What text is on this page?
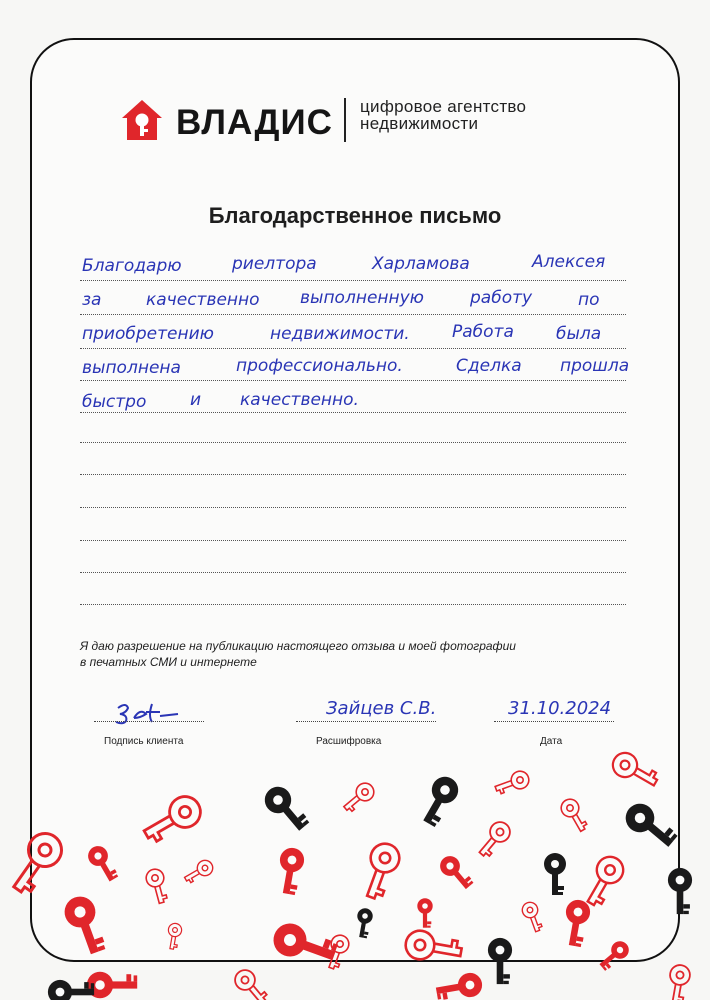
ВЛАДИС цифровое агентство
недвижимости
Благодарственное письмо
Благодарю	риелтора	Харламова	Алексея
за	качественно выполненную	работу	по
приобретению	недвижимости. Работа была
выполнена	профессионально.	Сделка прошла
быстро	и качественно.
Я даю разрешение на публикацию настоящего отзыва и моей фотографии
в печатных СМИ и интернете
Подпись клиента
Зайцев С.В.
Расшифровка
31.10.2024
Дата
